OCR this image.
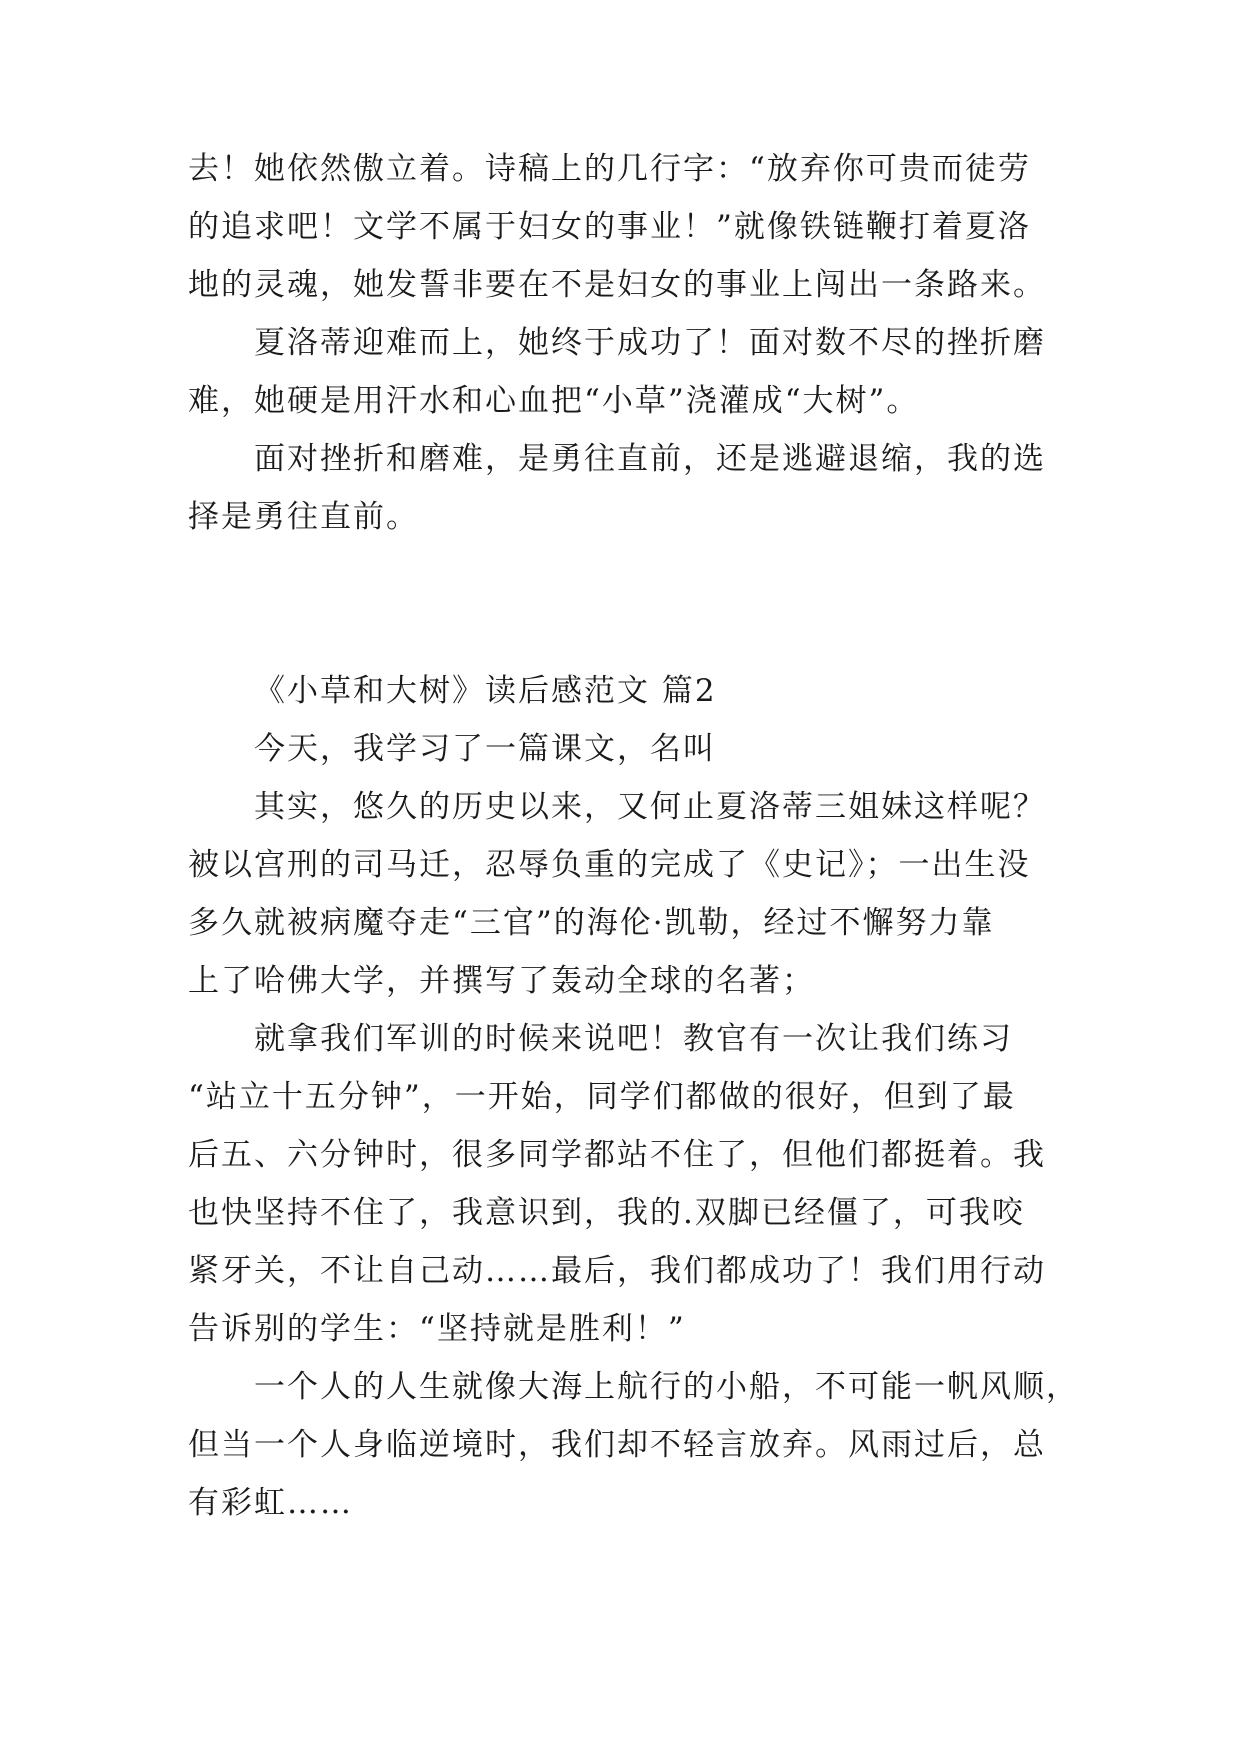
去！她依然傲立着。诗稿上的几行字：“放弃你可贵而徒劳
的追求吧！文学不属于妇女的事业！”就像铁链鞭打着夏洛
地的灵魂，她发誓非要在不是妇女的事业上闯出一条路来。
夏洛蒂迎难而上，她终于成功了！面对数不尽的挫折磨
难，她硬是用汗水和心血把“小草”浇灌成“大树”。
面对挫折和磨难，是勇往直前，还是逃避退缩，我的选
择是勇往直前。
《小草和大树》读后感范文 篇2
今天，我学习了一篇课文，名叫
其实，悠久的历史以来，又何止夏洛蒂三姐妹这样呢？
被以宫刑的司马迁，忍辱负重的完成了《史记》；一出生没
多久就被病魔夺走“三官”的海伦·凯勒，经过不懈努力靠
上了哈佛大学，并撰写了轰动全球的名著；
就拿我们军训的时候来说吧！教官有一次让我们练习
“站立十五分钟”，一开始，同学们都做的很好，但到了最
后五、六分钟时，很多同学都站不住了，但他们都挺着。我
也快坚持不住了，我意识到，我的.双脚已经僵了，可我咬
紧牙关，不让自己动……最后，我们都成功了！我们用行动
告诉别的学生：“坚持就是胜利！”
一个人的人生就像大海上航行的小船，不可能一帆风顺，
但当一个人身临逆境时，我们却不轻言放弃。风雨过后，总
有彩虹……
